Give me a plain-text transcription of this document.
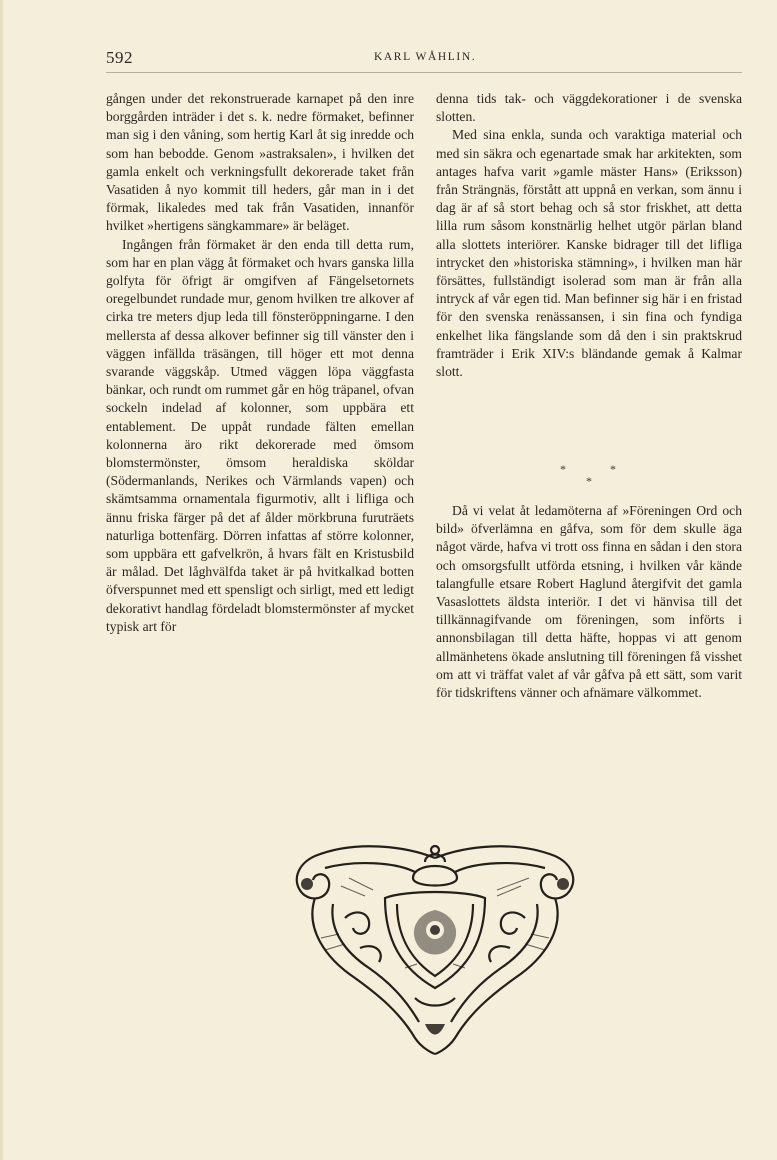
592	KARL WÅHLIN.

gången under det rekonstruerade karnapet på den inre borggården inträder i det s. k. nedre förmaket, befinner man sig i den våning, som hertig Karl åt sig inredde och som han bebodde. Genom »astraksalen», i hvilken det gamla enkelt och verkningsfullt dekorerade taket från Vasatiden å nyo kommit till heders, går man in i det förmak, likaledes med tak från Vasatiden, innanför hvilket »hertigens sängkammare» är beläget.

Ingången från förmaket är den enda till detta rum, som har en plan vägg åt förmaket och hvars ganska lilla golfyta för öfrigt är omgifven af Fängelsetornets oregelbundet rundade mur, genom hvilken tre alkover af cirka tre meters djup leda till fönsteröppningarne. I den mellersta af dessa alkover befinner sig till vänster den i väggen infällda träsängen, till höger ett mot denna svarande väggskåp. Utmed väggen löpa väggfasta bänkar, och rundt om rummet går en hög träpanel, ofvan sockeln indelad af kolonner, som uppbära ett entablement. De uppåt rundade fälten emellan kolonnerna äro rikt dekorerade med ömsom blomstermönster, ömsom heraldiska sköldar (Södermanlands, Nerikes och Värmlands vapen) och skämtsamma ornamentala figurmotiv, allt i lifliga och ännu friska färger på det af ålder mörkbruna furuträets naturliga bottenfärg. Dörren infattas af större kolonner, som uppbära ett gafvelkrön, å hvars fält en Kristusbild är målad. Det låghvälfda taket är på hvitkalkad botten öfverspunnet med ett spensligt och sirligt, med ett ledigt dekorativt handlag fördeladt blomstermönster af mycket typisk art för

denna tids tak- och väggdekorationer i de svenska slotten.

Med sina enkla, sunda och varaktiga material och med sin säkra och egenartade smak har arkitekten, som antages hafva varit »gamle mäster Hans» (Eriksson) från Strängnäs, förstått att uppnå en verkan, som ännu i dag är af så stort behag och så stor friskhet, att detta lilla rum såsom konstnärlig helhet utgör pärlan bland alla slottets interiörer. Kanske bidrager till det lifliga intrycket den »historiska stämning», i hvilken man här försättes, fullständigt isolerad som man är från alla intryck af vår egen tid. Man befinner sig här i en fristad för den svenska renässansen, i sin fina och fyndiga enkelhet lika fängslande som då den i sin praktskrud framträder i Erik XIV:s bländande gemak å Kalmar slott.

*	*
*

Då vi velat åt ledamöterna af »Föreningen Ord och bild» öfverlämna en gåfva, som för dem skulle äga något värde, hafva vi trott oss finna en sådan i den stora och omsorgsfullt utförda etsning, i hvilken vår kände talangfulle etsare Robert Haglund återgifvit det gamla Vasaslottets äldsta interiör. I det vi hänvisa till det tillkännagifvande om föreningen, som införts i annonsbilagan till detta häfte, hoppas vi att genom allmänhetens ökade anslutning till föreningen få visshet om att vi träffat valet af vår gåfva på ett sätt, som varit för tidskriftens vänner och afnämare välkommet.
